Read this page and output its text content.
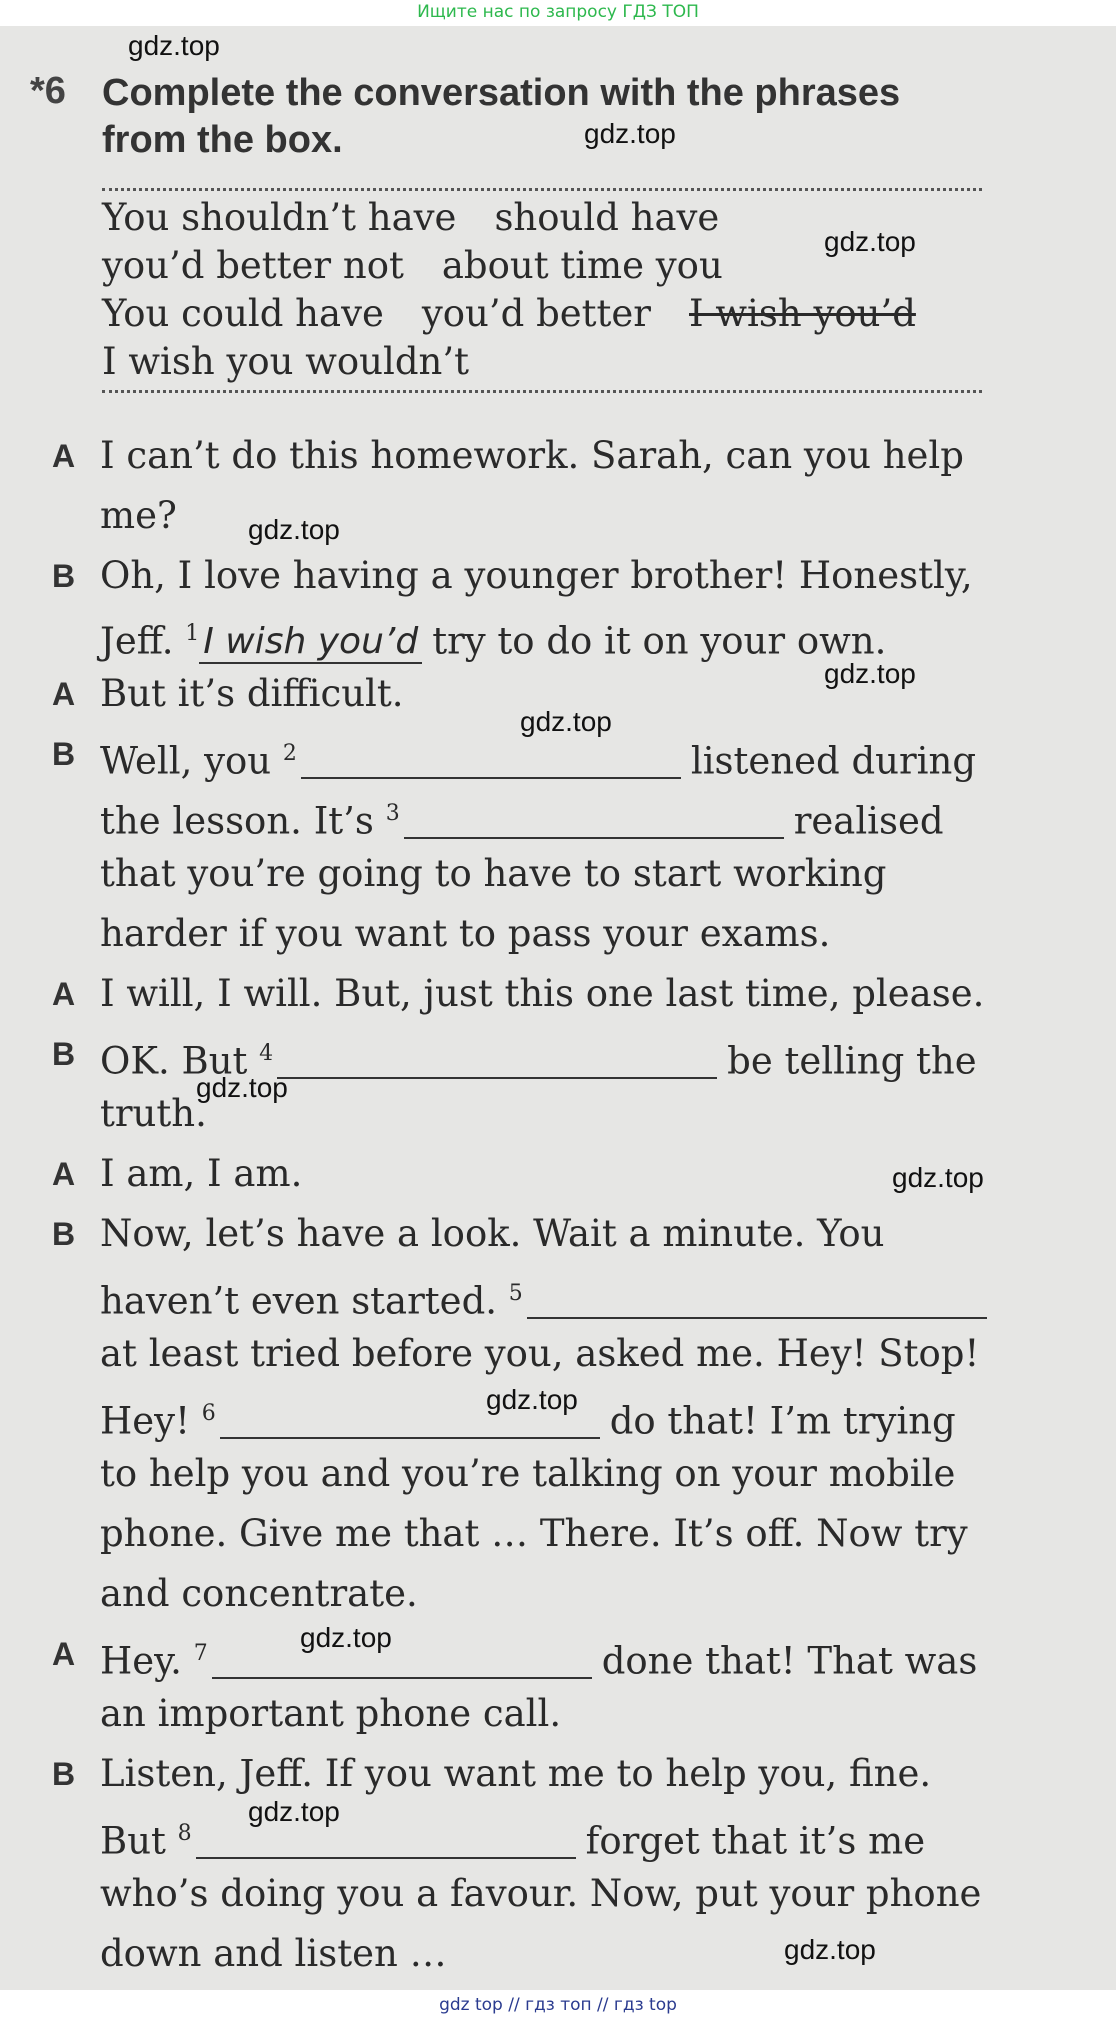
Ищите нас по запросу ГДЗ ТОП
gdz.top
gdz.top
gdz.top
gdz.top
gdz.top
gdz.top
gdz.top
gdz.top
gdz.top
gdz.top
gdz.top
gdz.top
*6 Complete the conversation with the phrases
from the box.
You shouldn’t have should have
you’d better not about time you
You could have you’d better I wish you’d
I wish you wouldn’t
A I can’t do this homework. Sarah, can you help
me?
B Oh, I love having a younger brother! Honestly,
Jeff. $^1$ I wish you’d try to do it on your own.
A But it’s difficult.
B Well, you $^2$	listened during
the lesson. It’s $^3$	realised
that you’re going to have to start working
harder if you want to pass your exams.
A I will, I will. But, just this one last time, please.
B OK. But $^4$	be telling the
truth.
A I am, I am.
B Now, let’s have a look. Wait a minute. You
haven’t even started. $^5$
at least tried before you, asked me. Hey! Stop!
Hey! $^6$	do that! I’m trying
to help you and you’re talking on your mobile
phone. Give me that … There. It’s off. Now try
and concentrate.
A Hey. $^7$	done that! That was
an important phone call.
B Listen, Jeff. If you want me to help you, fine.
But $^8$	forget that it’s me
who’s doing you a favour. Now, put your phone
down and listen …
gdz top // гдз топ // гдз top
